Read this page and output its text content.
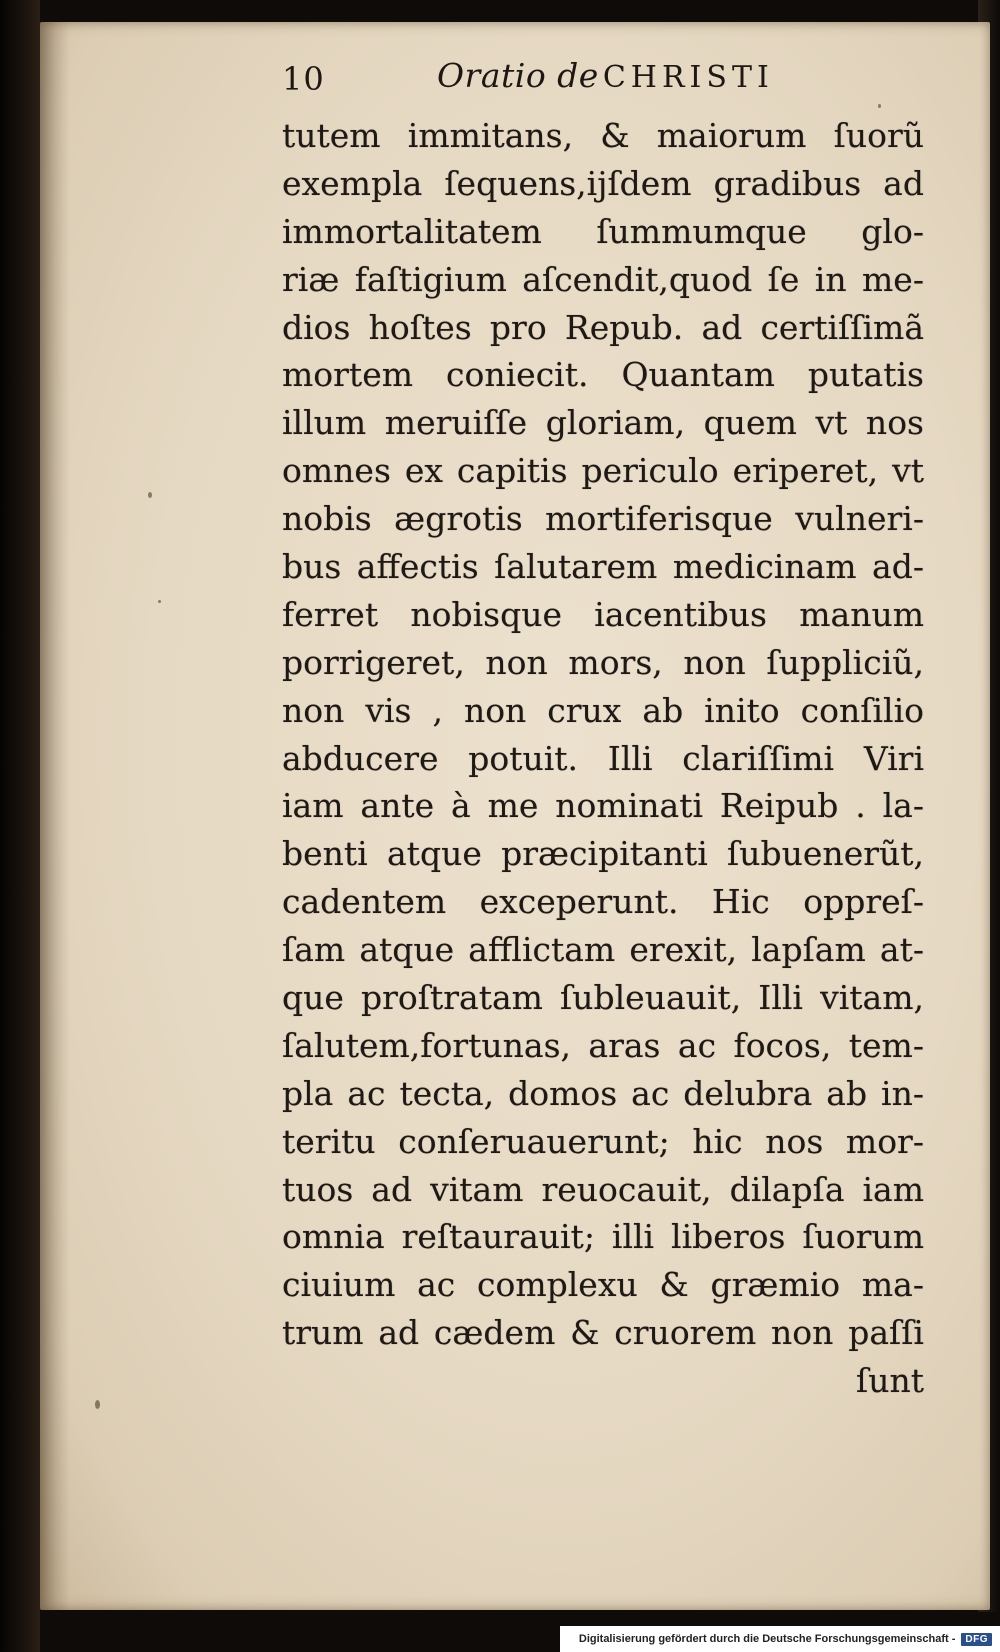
10	Oratio de CHRISTI
tutem immitans, & maiorum ſuorũ
exempla ſequens,ijſdem gradibus ad
immortalitatem ſummumque glo-
riæ faſtigium aſcendit,quod ſe in me-
dios hoſtes pro Repub. ad certiſſimã
mortem coniecit. Quantam putatis
illum meruiſſe gloriam, quem vt nos
omnes ex capitis periculo eriperet, vt
nobis ægrotis mortiferisque vulneri-
bus affectis ſalutarem medicinam ad-
ferret nobisque iacentibus manum
porrigeret, non mors, non ſuppliciũ,
non vis , non crux ab inito conſilio
abducere potuit. Illi clariſſimi Viri
iam ante à me nominati Reipub . la-
benti atque præcipitanti ſubuenerũt,
cadentem exceperunt. Hic oppreſ-
ſam atque afflictam erexit, lapſam at-
que proſtratam ſubleuauit, Illi vitam,
ſalutem,fortunas, aras ac focos, tem-
pla ac tecta, domos ac delubra ab in-
teritu conſeruauerunt; hic nos mor-
tuos ad vitam reuocauit, dilapſa iam
omnia reſtaurauit; illi liberos ſuorum
ciuium ac complexu & græmio ma-
trum ad cædem & cruorem non paſſi
ſunt
Digitalisierung gefördert durch die Deutsche Forschungsgemeinschaft -	DFG
